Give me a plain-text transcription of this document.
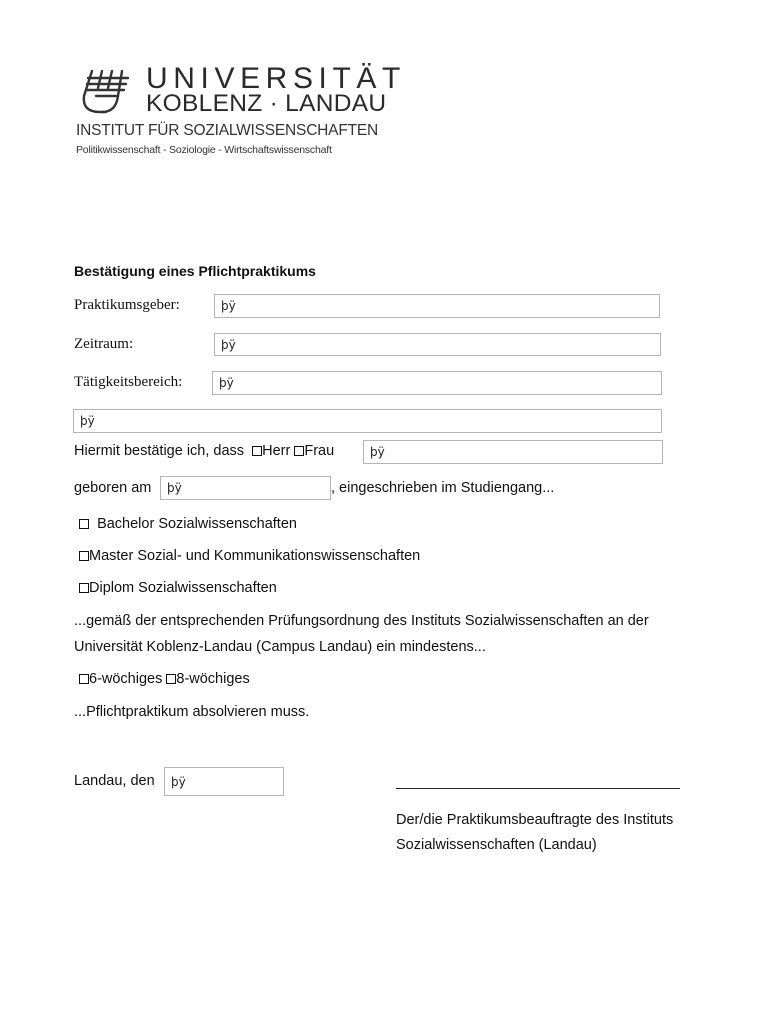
UNIVERSITÄT
KOBLENZ · LANDAU
INSTITUT FÜR SOZIALWISSENSCHAFTEN
Politikwissenschaft - Soziologie - Wirtschaftswissenschaft
Bestätigung eines Pflichtpraktikums
Praktikumsgeber:	þÿ
Zeitraum:	þÿ
Tätigkeitsbereich:	þÿ
þÿ
Hiermit bestätige ich, dass Herr Frau	þÿ
geboren am	þÿ	, eingeschrieben im Studiengang...
Bachelor Sozialwissenschaften
Master Sozial- und Kommunikationswissenschaften
Diplom Sozialwissenschaften
...gemäß der entsprechenden Prüfungsordnung des Instituts Sozialwissenschaften an der
Universität Koblenz-Landau (Campus Landau) ein mindestens...
6-wöchiges 8-wöchiges
...Pflichtpraktikum absolvieren muss.
Landau, den	þÿ
Der/die Praktikumsbeauftragte des Instituts
Sozialwissenschaften (Landau)
